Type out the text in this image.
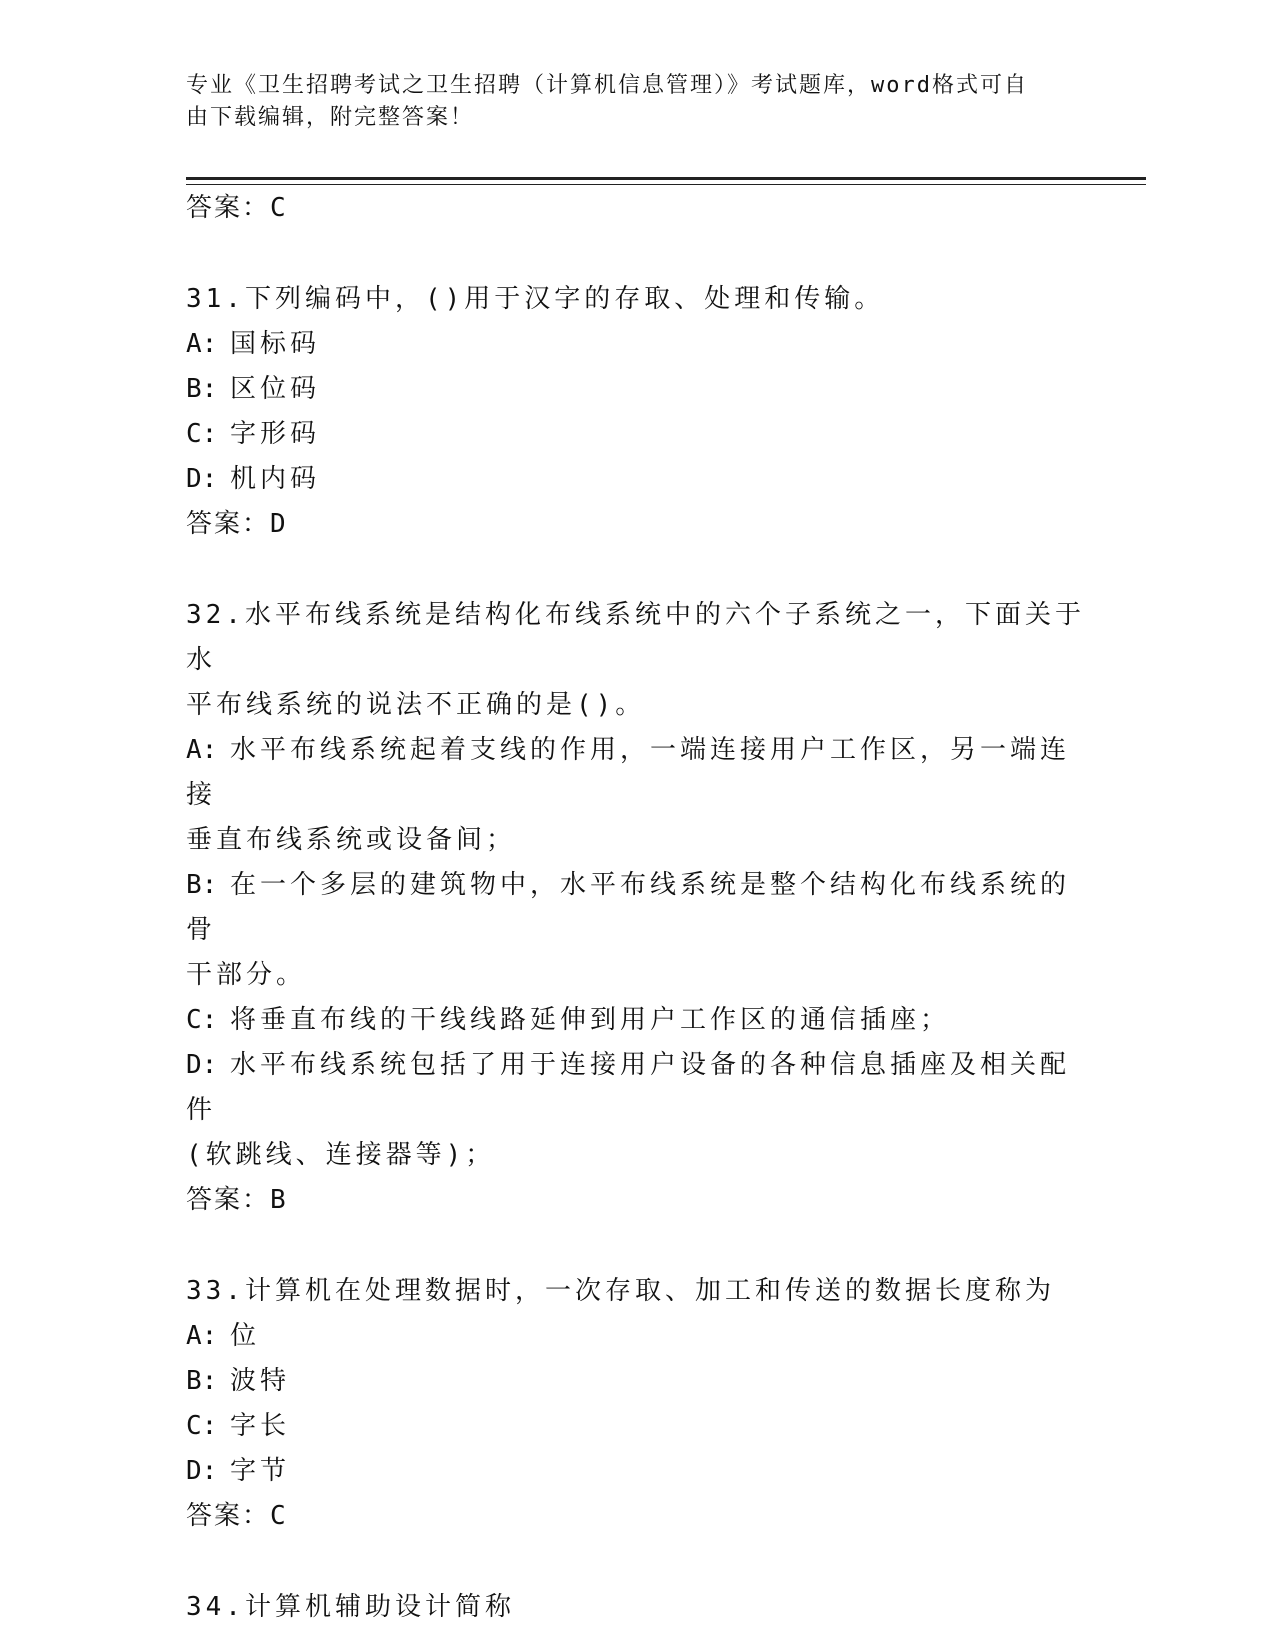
专业《卫生招聘考试之卫生招聘（计算机信息管理）》考试题库，word格式可自
由下载编辑，附完整答案！
答案：C
31.下列编码中，()用于汉字的存取、处理和传输。
A: 国标码
B: 区位码
C: 字形码
D: 机内码
答案：D
32.水平布线系统是结构化布线系统中的六个子系统之一，下面关于水
平布线系统的说法不正确的是()。
A: 水平布线系统起着支线的作用，一端连接用户工作区，另一端连接
垂直布线系统或设备间；
B: 在一个多层的建筑物中，水平布线系统是整个结构化布线系统的骨
干部分。
C: 将垂直布线的干线线路延伸到用户工作区的通信插座；
D: 水平布线系统包括了用于连接用户设备的各种信息插座及相关配件
(软跳线、连接器等)；
答案：B
33.计算机在处理数据时，一次存取、加工和传送的数据长度称为
A: 位
B: 波特
C: 字长
D: 字节
答案：C
34.计算机辅助设计简称
